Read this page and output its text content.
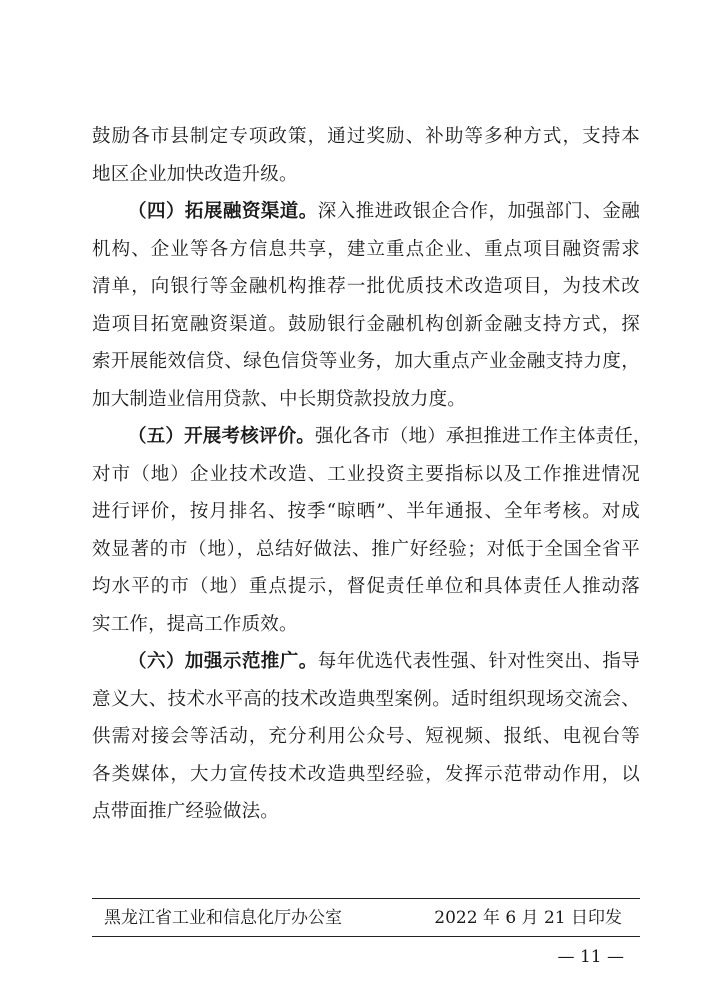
鼓励各市县制定专项政策，通过奖励、补助等多种方式，支持本
地区企业加快改造升级。
（四）拓展融资渠道。深入推进政银企合作，加强部门、金融
机构、企业等各方信息共享，建立重点企业、重点项目融资需求
清单，向银行等金融机构推荐一批优质技术改造项目，为技术改
造项目拓宽融资渠道。鼓励银行金融机构创新金融支持方式，探
索开展能效信贷、绿色信贷等业务，加大重点产业金融支持力度，
加大制造业信用贷款、中长期贷款投放力度。
（五）开展考核评价。强化各市（地）承担推进工作主体责任，
对市（地）企业技术改造、工业投资主要指标以及工作推进情况
进行评价，按月排名、按季“晾晒”、半年通报、全年考核。对成
效显著的市（地），总结好做法、推广好经验；对低于全国全省平
均水平的市（地）重点提示，督促责任单位和具体责任人推动落
实工作，提高工作质效。
（六）加强示范推广。每年优选代表性强、针对性突出、指导
意义大、技术水平高的技术改造典型案例。适时组织现场交流会、
供需对接会等活动，充分利用公众号、短视频、报纸、电视台等
各类媒体，大力宣传技术改造典型经验，发挥示范带动作用，以
点带面推广经验做法。
黑龙江省工业和信息化厅办公室	2022 年 6 月 21 日印发
— 11 —
